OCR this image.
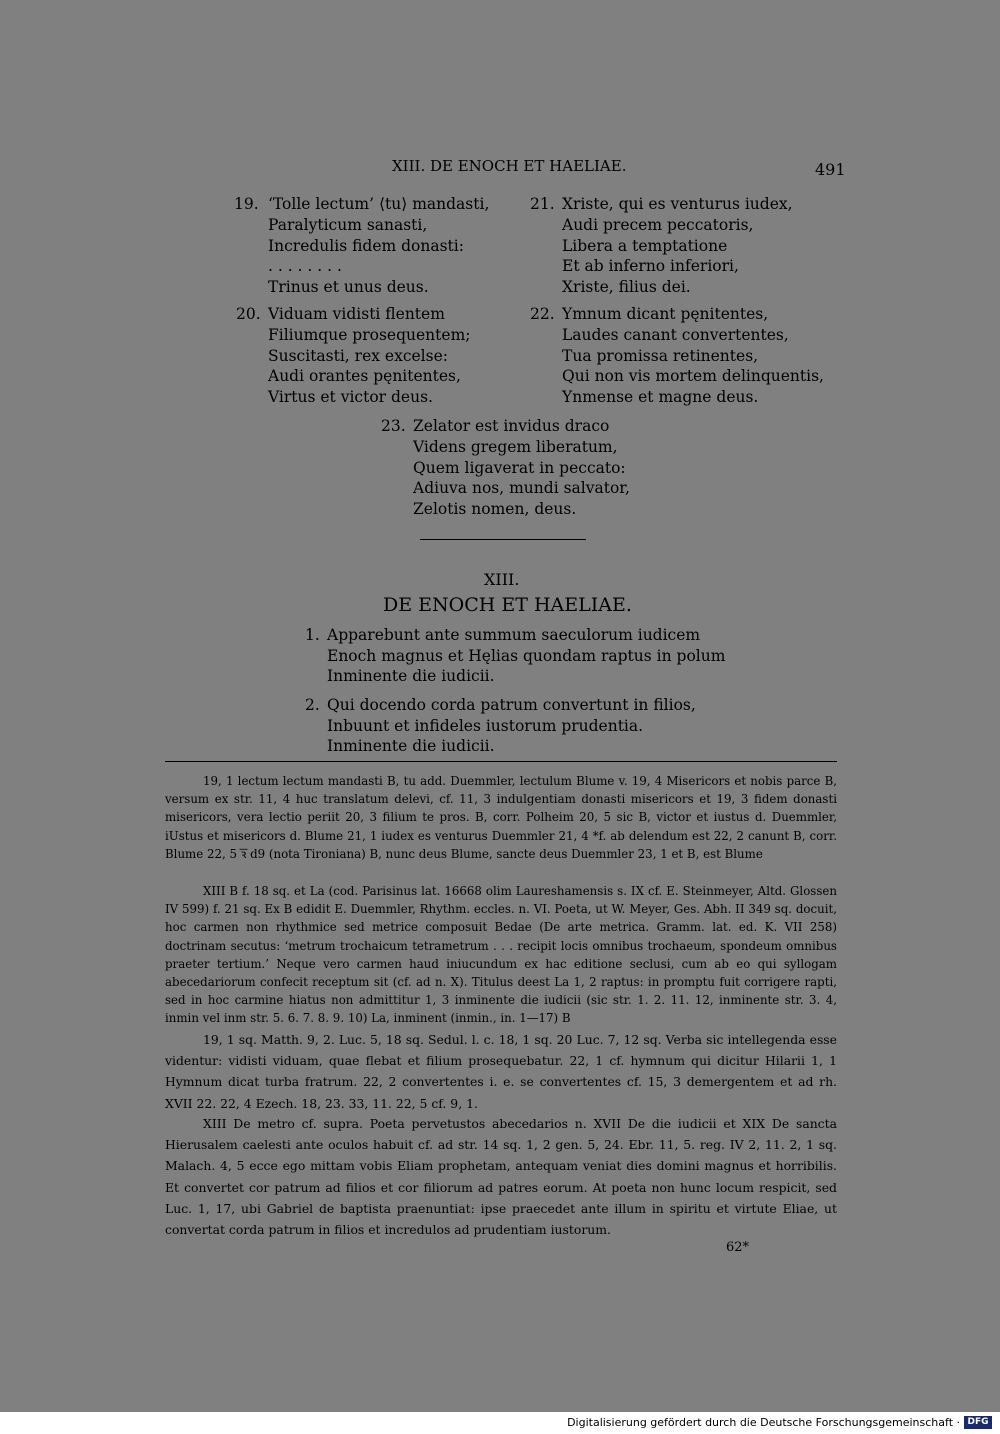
XIII. DE ENOCH ET HAELIAE.	491
19. ‘Tolle lectum’ ⟨tu⟩ mandasti,
Paralyticum sanasti,
Incredulis fidem donasti:
. . . . . . . .
Trinus et unus deus.
21. Xriste, qui es venturus iudex,
Audi precem peccatoris,
Libera a temptatione
Et ab inferno inferiori,
Xriste, filius dei.
20. Viduam vidisti flentem
Filiumque prosequentem;
Suscitasti, rex excelse:
Audi orantes pęnitentes,
Virtus et victor deus.
22. Ymnum dicant pęnitentes,
Laudes canant convertentes,
Tua promissa retinentes,
Qui non vis mortem delinquentis,
Ynmense et magne deus.
23. Zelator est invidus draco
Videns gregem liberatum,
Quem ligaverat in peccato:
Adiuva nos, mundi salvator,
Zelotis nomen, deus.
XIII.
DE ENOCH ET HAELIAE.
1. Apparebunt ante summum saeculorum iudicem
Enoch magnus et Hęlias quondam raptus in polum
Inminente die iudicii.
2. Qui docendo corda patrum convertunt in filios,
Inbuunt et infideles iustorum prudentia.
Inminente die iudicii.
19, 1 lectum lectum mandasti B, tu add. Duemmler, lectulum Blume v. 19, 4 Misericors et nobis parce B, versum ex str. 11, 4 huc translatum delevi, cf. 11, 3 indulgentiam donasti misericors et 19, 3 fidem donasti misericors, vera lectio periit 20, 3 filium te pros. B, corr. Polheim 20, 5 sic B, victor et iustus d. Duemmler, iUstus et misericors d. Blume 21, 1 iudex es venturus Duemmler 21, 4 *f. ab delendum est 22, 2 canunt B, corr. Blume 22, 5 ꝛ︦ d9 (nota Tironiana) B, nunc deus Blume, sancte deus Duemmler 23, 1 et B, est Blume
XIII B f. 18 sq. et La (cod. Parisinus lat. 16668 olim Laureshamensis s. IX cf. E. Steinmeyer, Altd. Glossen IV 599) f. 21 sq. Ex B edidit E. Duemmler, Rhythm. eccles. n. VI. Poeta, ut W. Meyer, Ges. Abh. II 349 sq. docuit, hoc carmen non rhythmice sed metrice composuit Bedae (De arte metrica. Gramm. lat. ed. K. VII 258) doctrinam secutus: ‘metrum trochaicum tetrametrum . . . recipit locis omnibus trochaeum, spondeum omnibus praeter tertium.’ Neque vero carmen haud iniucundum ex hac editione seclusi, cum ab eo qui syllogam abecedariorum confecit receptum sit (cf. ad n. X). Titulus deest La 1, 2 raptus: in promptu fuit corrigere rapti, sed in hoc carmine hiatus non admittitur 1, 3 inminente die iudicii (sic str. 1. 2. 11. 12, inminente str. 3. 4, inmin vel inm str. 5. 6. 7. 8. 9. 10) La, inminent (inmin., in. 1—17) B
19, 1 sq. Matth. 9, 2. Luc. 5, 18 sq. Sedul. l. c. 18, 1 sq. 20 Luc. 7, 12 sq. Verba sic intellegenda esse videntur: vidisti viduam, quae flebat et filium prosequebatur. 22, 1 cf. hymnum qui dicitur Hilarii 1, 1 Hymnum dicat turba fratrum. 22, 2 convertentes i. e. se convertentes cf. 15, 3 demergentem et ad rh. XVII 22. 22, 4 Ezech. 18, 23. 33, 11. 22, 5 cf. 9, 1.
XIII De metro cf. supra. Poeta pervetustos abecedarios n. XVII De die iudicii et XIX De sancta Hierusalem caelesti ante oculos habuit cf. ad str. 14 sq. 1, 2 gen. 5, 24. Ebr. 11, 5. reg. IV 2, 11. 2, 1 sq. Malach. 4, 5 ecce ego mittam vobis Eliam prophetam, antequam veniat dies domini magnus et horribilis. Et convertet cor patrum ad filios et cor filiorum ad patres eorum. At poeta non hunc locum respicit, sed Luc. 1, 17, ubi Gabriel de baptista praenuntiat: ipse praecedet ante illum in spiritu et virtute Eliae, ut convertat corda patrum in filios et incredulos ad prudentiam iustorum.
62*
Digitalisierung gefördert durch die Deutsche Forschungsgemeinschaft · DFG
